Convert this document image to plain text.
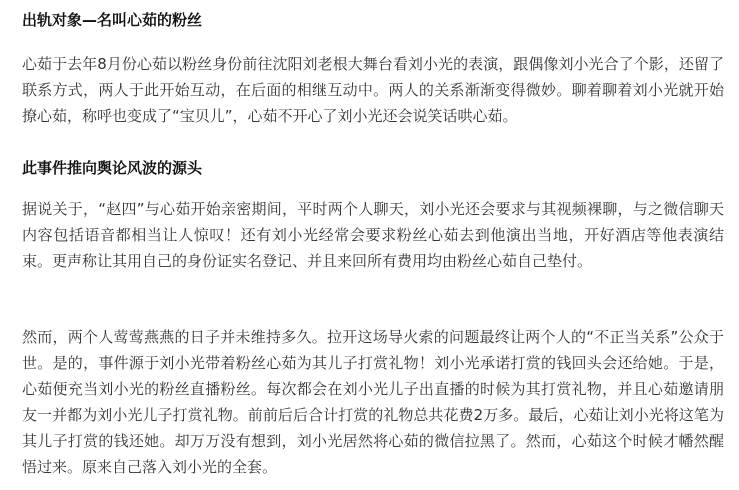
出轨对象—名叫心茹的粉丝

心茹于去年8月份心茹以粉丝身份前往沈阳刘老根大舞台看刘小光的表演，跟偶像刘小光合了个影，还留了联系方式，两人于此开始互动，在后面的相继互动中。两人的关系渐渐变得微妙。聊着聊着刘小光就开始撩心茹，称呼也变成了“宝贝儿”，心茹不开心了刘小光还会说笑话哄心茹。

此事件推向舆论风波的源头

据说关于，“赵四”与心茹开始亲密期间，平时两个人聊天，刘小光还会要求与其视频裸聊，与之微信聊天内容包括语音都相当让人惊叹！还有刘小光经常会要求粉丝心茹去到他演出当地，开好酒店等他表演结束。更声称让其用自己的身份证实名登记、并且来回所有费用均由粉丝心茹自己垫付。

然而，两个人莺莺燕燕的日子并未维持多久。拉开这场导火索的问题最终让两个人的“不正当关系”公众于世。是的，事件源于刘小光带着粉丝心茹为其儿子打赏礼物！刘小光承诺打赏的钱回头会还给她。于是，心茹便充当刘小光的粉丝直播粉丝。每次都会在刘小光儿子出直播的时候为其打赏礼物，并且心茹邀请朋友一并都为刘小光儿子打赏礼物。前前后后合计打赏的礼物总共花费2万多。最后，心茹让刘小光将这笔为其儿子打赏的钱还她。却万万没有想到，刘小光居然将心茹的微信拉黑了。然而，心茹这个时候才幡然醒悟过来。原来自己落入刘小光的全套。
